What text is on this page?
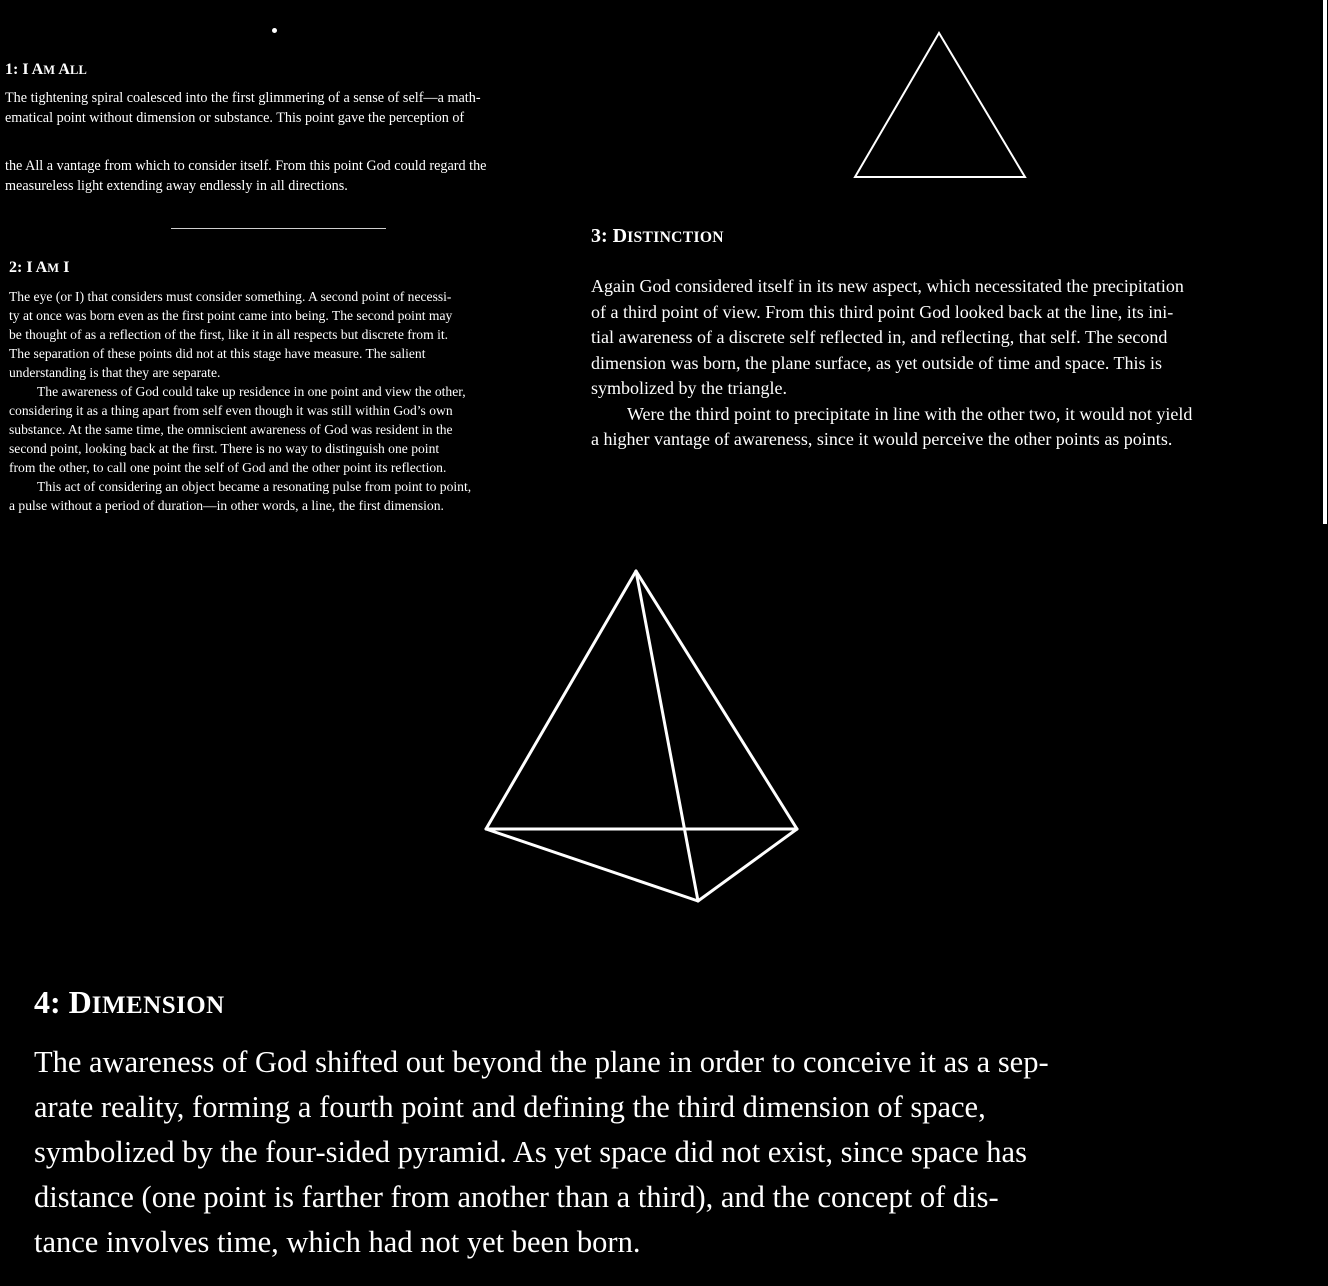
1: I AM ALL
The tightening spiral coalesced into the first glimmering of a sense of self—a math-
ematical point without dimension or substance. This point gave the perception of
the All a vantage from which to consider itself. From this point God could regard the
measureless light extending away endlessly in all directions.
2: I AM I
The eye (or I) that considers must consider something. A second point of necessi-
ty at once was born even as the first point came into being. The second point may
be thought of as a reflection of the first, like it in all respects but discrete from it.
The separation of these points did not at this stage have measure. The salient
understanding is that they are separate.
The awareness of God could take up residence in one point and view the other,
considering it as a thing apart from self even though it was still within God’s own
substance. At the same time, the omniscient awareness of God was resident in the
second point, looking back at the first. There is no way to distinguish one point
from the other, to call one point the self of God and the other point its reflection.
This act of considering an object became a resonating pulse from point to point,
a pulse without a period of duration—in other words, a line, the first dimension.
3: DISTINCTION
Again God considered itself in its new aspect, which necessitated the precipitation
of a third point of view. From this third point God looked back at the line, its ini-
tial awareness of a discrete self reflected in, and reflecting, that self. The second
dimension was born, the plane surface, as yet outside of time and space. This is
symbolized by the triangle.
Were the third point to precipitate in line with the other two, it would not yield
a higher vantage of awareness, since it would perceive the other points as points.
4: DIMENSION
The awareness of God shifted out beyond the plane in order to conceive it as a sep-
arate reality, forming a fourth point and defining the third dimension of space,
symbolized by the four-sided pyramid. As yet space did not exist, since space has
distance (one point is farther from another than a third), and the concept of dis-
tance involves time, which had not yet been born.
